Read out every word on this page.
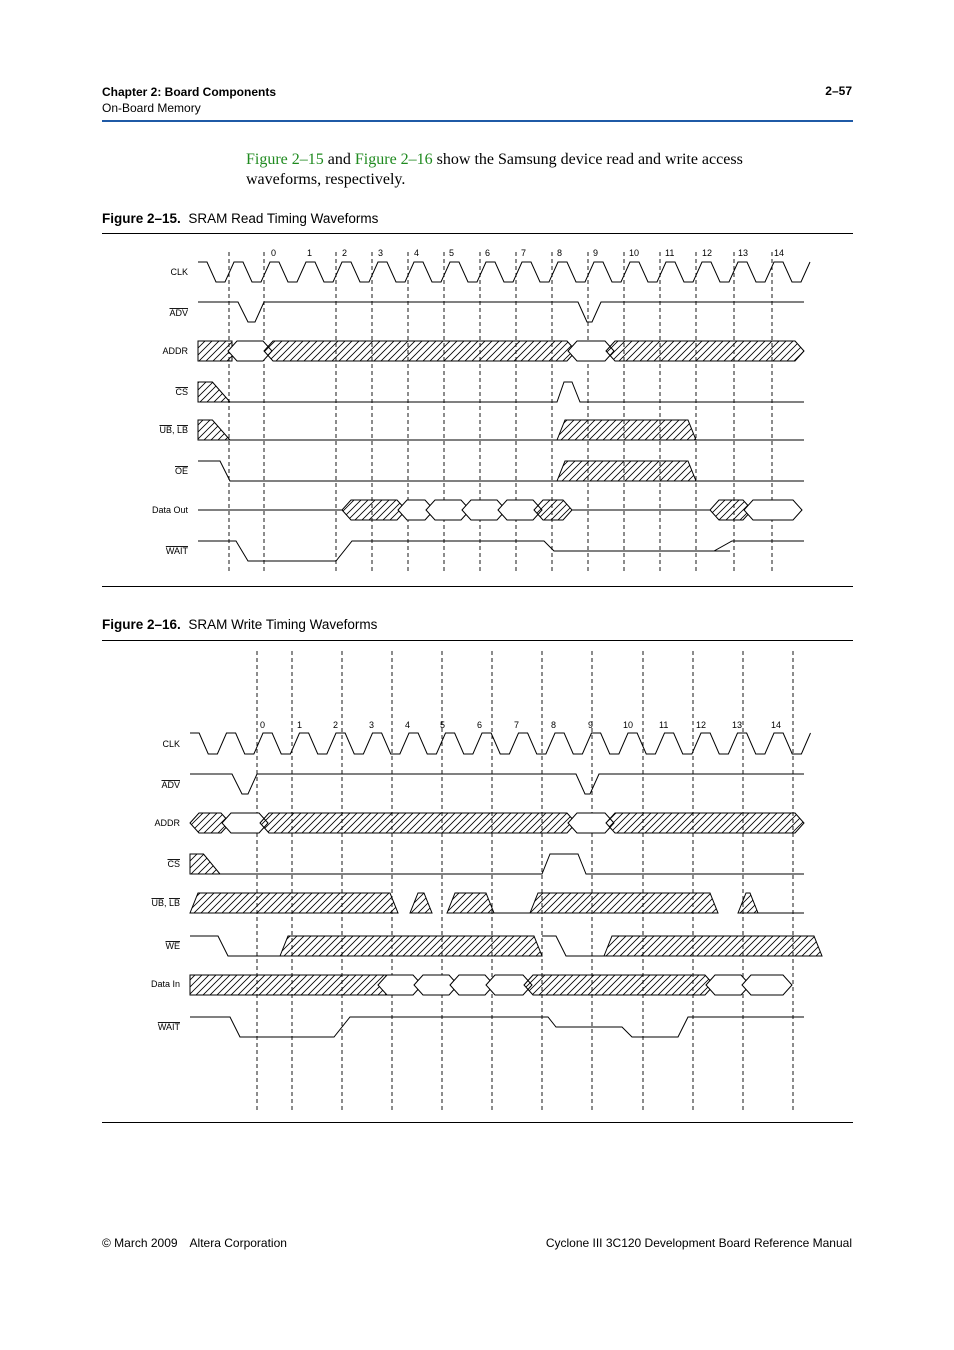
Chapter 2: Board Components
On-Board Memory
2–57
Figure 2–15 and Figure 2–16 show the Samsung device read and write access waveforms, respectively.
Figure 2–15. SRAM Read Timing Waveforms
CLK
ADV
ADDR
CS
UB, LB
OE
Data Out
WAIT
0	1	2	3	4	5	6	7	8	9	10	11	12	13	14
Figure 2–16. SRAM Write Timing Waveforms
CLK
ADV
ADDR
CS
UB, LB
WE
Data In
WAIT
0	1	2	3	4	5	6	7	8	9	10	11	12	13	14
© March 2009 Altera Corporation	Cyclone III 3C120 Development Board Reference Manual
